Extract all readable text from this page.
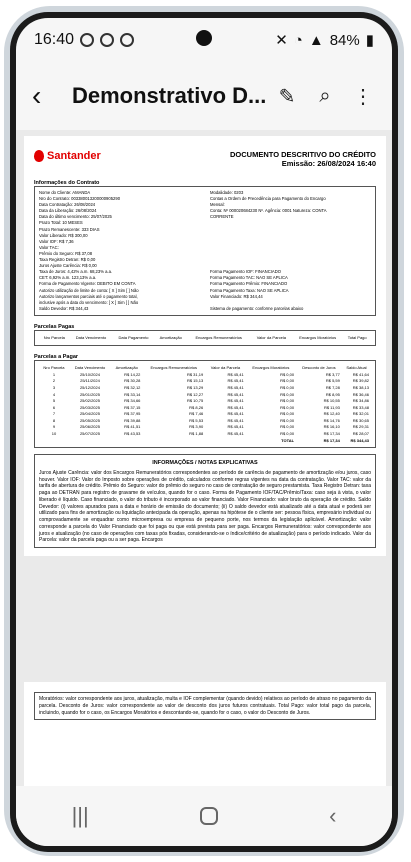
16:40	✕ ◔ ▲ 84% ▮
‹	Demonstrativo D... ✎	⌕	⋮
Santander	DOCUMENTO DESCRITIVO DO CRÉDITO
Emissão: 26/08/2024 16:40
Informações do Contrato
Nome do Cliente: AMANDA
Nro do Contrato: 003380013200000905290
Data Contratação: 26/08/2024
Data da Liberação: 26/08/2024
Data do último vencimento: 25/07/2025
Prazo Total: 10 MESES
Prazo Remanescente: 333 DIAS
Valor Liberado: R$ 300,00
Valor IOF: R$ 7,36
Valor TAC:
Prêmio do Seguro: R$ 37,08
Taxa Registro Detran: R$ 0,00
Juros Ajuste Carência: R$ 0,00
Taxa de Juros: 4,42% a.m. 68,23% a.a.
CET: 6,92% a.m. 123,13% a.a.
Forma de Pagamento Vigente: DEBITO EM CONTA
Autorizo utilização de limite de conta: [ X ] Sim [ ] Não
Autorizo lançamentos parciais até o pagamento total,
inclusive após a data do vencimento: [ X ] Sim [ ] Não
Saldo Devedor: R$ 344,43
Modalidade: 0203
Contas a Ordem de Precedência para Pagamento do Encargo
Mensal:
Conta: Nº 000020684230 Nº. Agência: 0001 Natureza: CONTA
CORRENTE

Forma Pagamento IOF: FINANCIADO
Forma Pagamento TAC: NAO SE APLICA
Forma Pagamento Prêmio: FINANCIADO
Forma Pagamento Taxa: NAO SE APLICA
Valor Financiado: R$ 344,44

Sistema de pagamento: conforme parcelas abaixo
Parcelas Pagas
Nro Parcela	Data Vencimento	Data Pagamento	Amortização	Encargos Remuneratórios	Valor da Parcela	Encargos Moratórios	Total Pago
Parcelas a Pagar
Nro Parcela	Data Vencimento	Amortização	Encargos Remuneratórios	Valor da Parcela	Encargos Moratórios	Desconto de Juros	Saldo Atual
1	25/10/2024	R$ 14,22	R$ 31,19	R$ 45,41	R$ 0,00	R$ 3,77	R$ 41,64
2	25/11/2024	R$ 30,28	R$ 15,13	R$ 45,41	R$ 0,00	R$ 5,59	R$ 39,82
3	25/12/2024	R$ 32,12	R$ 13,29	R$ 45,41	R$ 0,00	R$ 7,28	R$ 38,13
4	25/01/2025	R$ 33,14	R$ 12,27	R$ 45,41	R$ 0,00	R$ 8,95	R$ 36,46
5	25/02/2025	R$ 34,66	R$ 10,75	R$ 45,41	R$ 0,00	R$ 10,55	R$ 34,86
6	25/03/2025	R$ 37,15	R$ 8,26	R$ 45,41	R$ 0,00	R$ 11,93	R$ 33,48
7	25/04/2025	R$ 37,95	R$ 7,46	R$ 45,41	R$ 0,00	R$ 12,40	R$ 32,01
8	25/05/2025	R$ 39,88	R$ 5,53	R$ 45,41	R$ 0,00	R$ 14,76	R$ 30,65
9	25/06/2025	R$ 41,51	R$ 3,90	R$ 45,41	R$ 0,00	R$ 16,10	R$ 29,31
10	25/07/2025	R$ 43,53	R$ 1,88	R$ 45,41	R$ 0,00	R$ 17,34	R$ 28,07
					TOTAL	R$ 17,34	R$ 344,43
INFORMAÇÕES / NOTAS EXPLICATIVAS
Juros Ajuste Carência: valor dos Encargos Remuneratórios correspondentes ao período de carência de pagamento de amortização e/ou juros, caso houver. Valor IOF: Valor do Imposto sobre operações de crédito, calculados conforme regras vigentes na data da contratação. Valor TAC: valor da tarifa de abertura de crédito. Prêmio do Seguro: valor do prêmio do seguro no caso de contratação de seguro prestamista. Taxa Registro Detran: taxa paga ao DETRAN para registro de gravame de veículos, quando for o caso. Forma de Pagamento IOF/TAC/Prêmio/Taxa: caso seja à vista, o valor liberado é líquido. Caso financiado, o valor do tributo é incorporado ao valor financiado. Valor Financiado: valor bruto da operação de crédito. Saldo Devedor: (i) valores apurados para a data e horário de emissão do documento; (ii) O saldo devedor está atualizado até a data atual e poderá ser utilizado para fins de amortização ou liquidação antecipada da operação, apenas na hipótese de o cliente ser: pessoa física, empresário individual ou comprovadamente se enquadrar como microempresa ou empresa de pequeno porte, nos termos da legislação aplicável. Amortização: valor corresponde a parcela do Valor Financiado que foi paga ou que está prevista para ser paga. Encargos Remuneratórios: valor correspondente aos juros e atualização (no caso de operações com taxas pós fixadas, considerando-se o índice/critério de atualização) para o período indicado. Valor da Parcela: valor da parcela paga ou a ser paga. Encargos
Moratórios: valor correspondente aos juros, atualização, multa e IOF complementar (quando devido) relativos ao período de atraso no pagamento da parcela. Desconto de Juros: valor correspondente ao valor de desconto dos juros futuros contratuais. Total Pago: valor total pago da parcela, incluindo, quando for o caso, os Encargos Moratórios e descontando-se, quando for o caso, o valor do Desconto de Juros.
|||	‹
